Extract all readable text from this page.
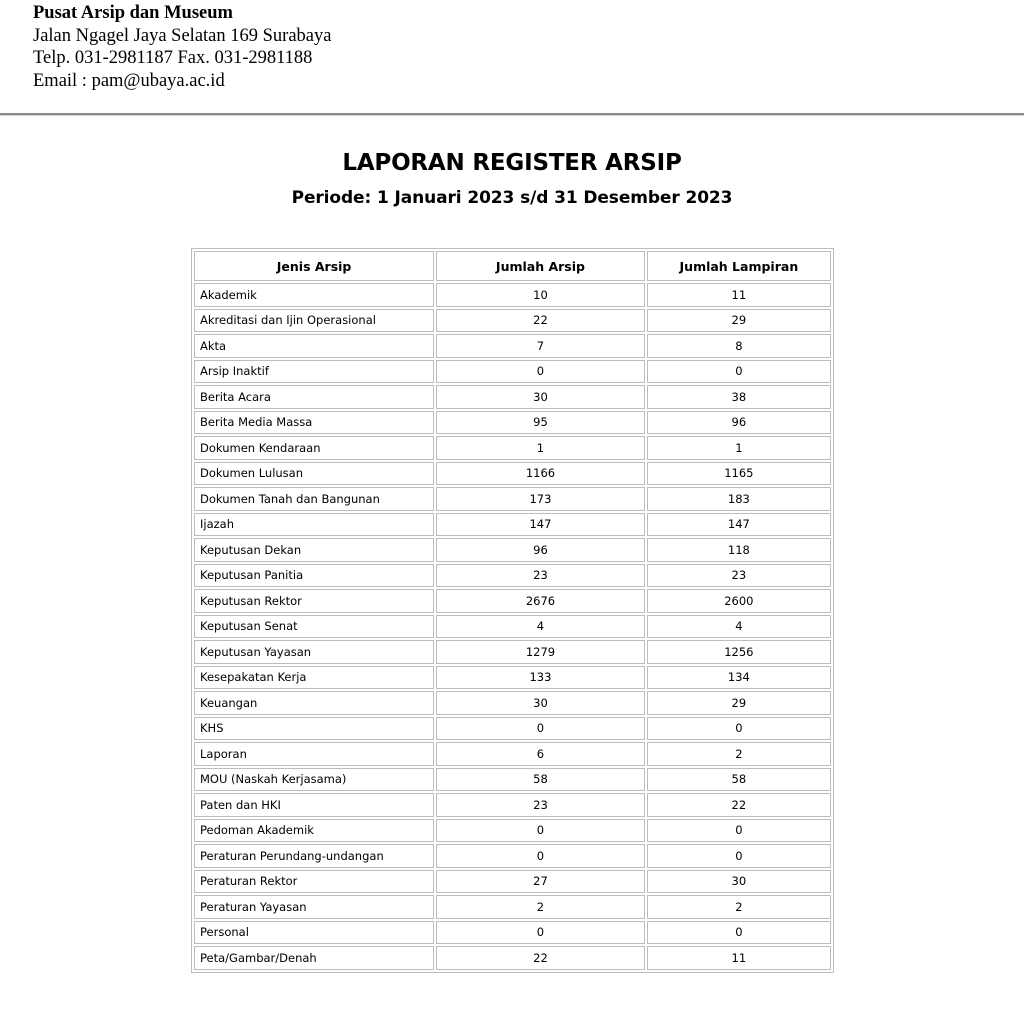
Pusat Arsip dan Museum
Jalan Ngagel Jaya Selatan 169 Surabaya
Telp. 031-2981187 Fax. 031-2981188
Email : pam@ubaya.ac.id
LAPORAN REGISTER ARSIP
Periode: 1 Januari 2023 s/d 31 Desember 2023
Jenis Arsip	Jumlah Arsip	Jumlah Lampiran
Akademik	10	11
Akreditasi dan Ijin Operasional	22	29
Akta	7	8
Arsip Inaktif	0	0
Berita Acara	30	38
Berita Media Massa	95	96
Dokumen Kendaraan	1	1
Dokumen Lulusan	1166	1165
Dokumen Tanah dan Bangunan	173	183
Ijazah	147	147
Keputusan Dekan	96	118
Keputusan Panitia	23	23
Keputusan Rektor	2676	2600
Keputusan Senat	4	4
Keputusan Yayasan	1279	1256
Kesepakatan Kerja	133	134
Keuangan	30	29
KHS	0	0
Laporan	6	2
MOU (Naskah Kerjasama)	58	58
Paten dan HKI	23	22
Pedoman Akademik	0	0
Peraturan Perundang-undangan	0	0
Peraturan Rektor	27	30
Peraturan Yayasan	2	2
Personal	0	0
Peta/Gambar/Denah	22	11
